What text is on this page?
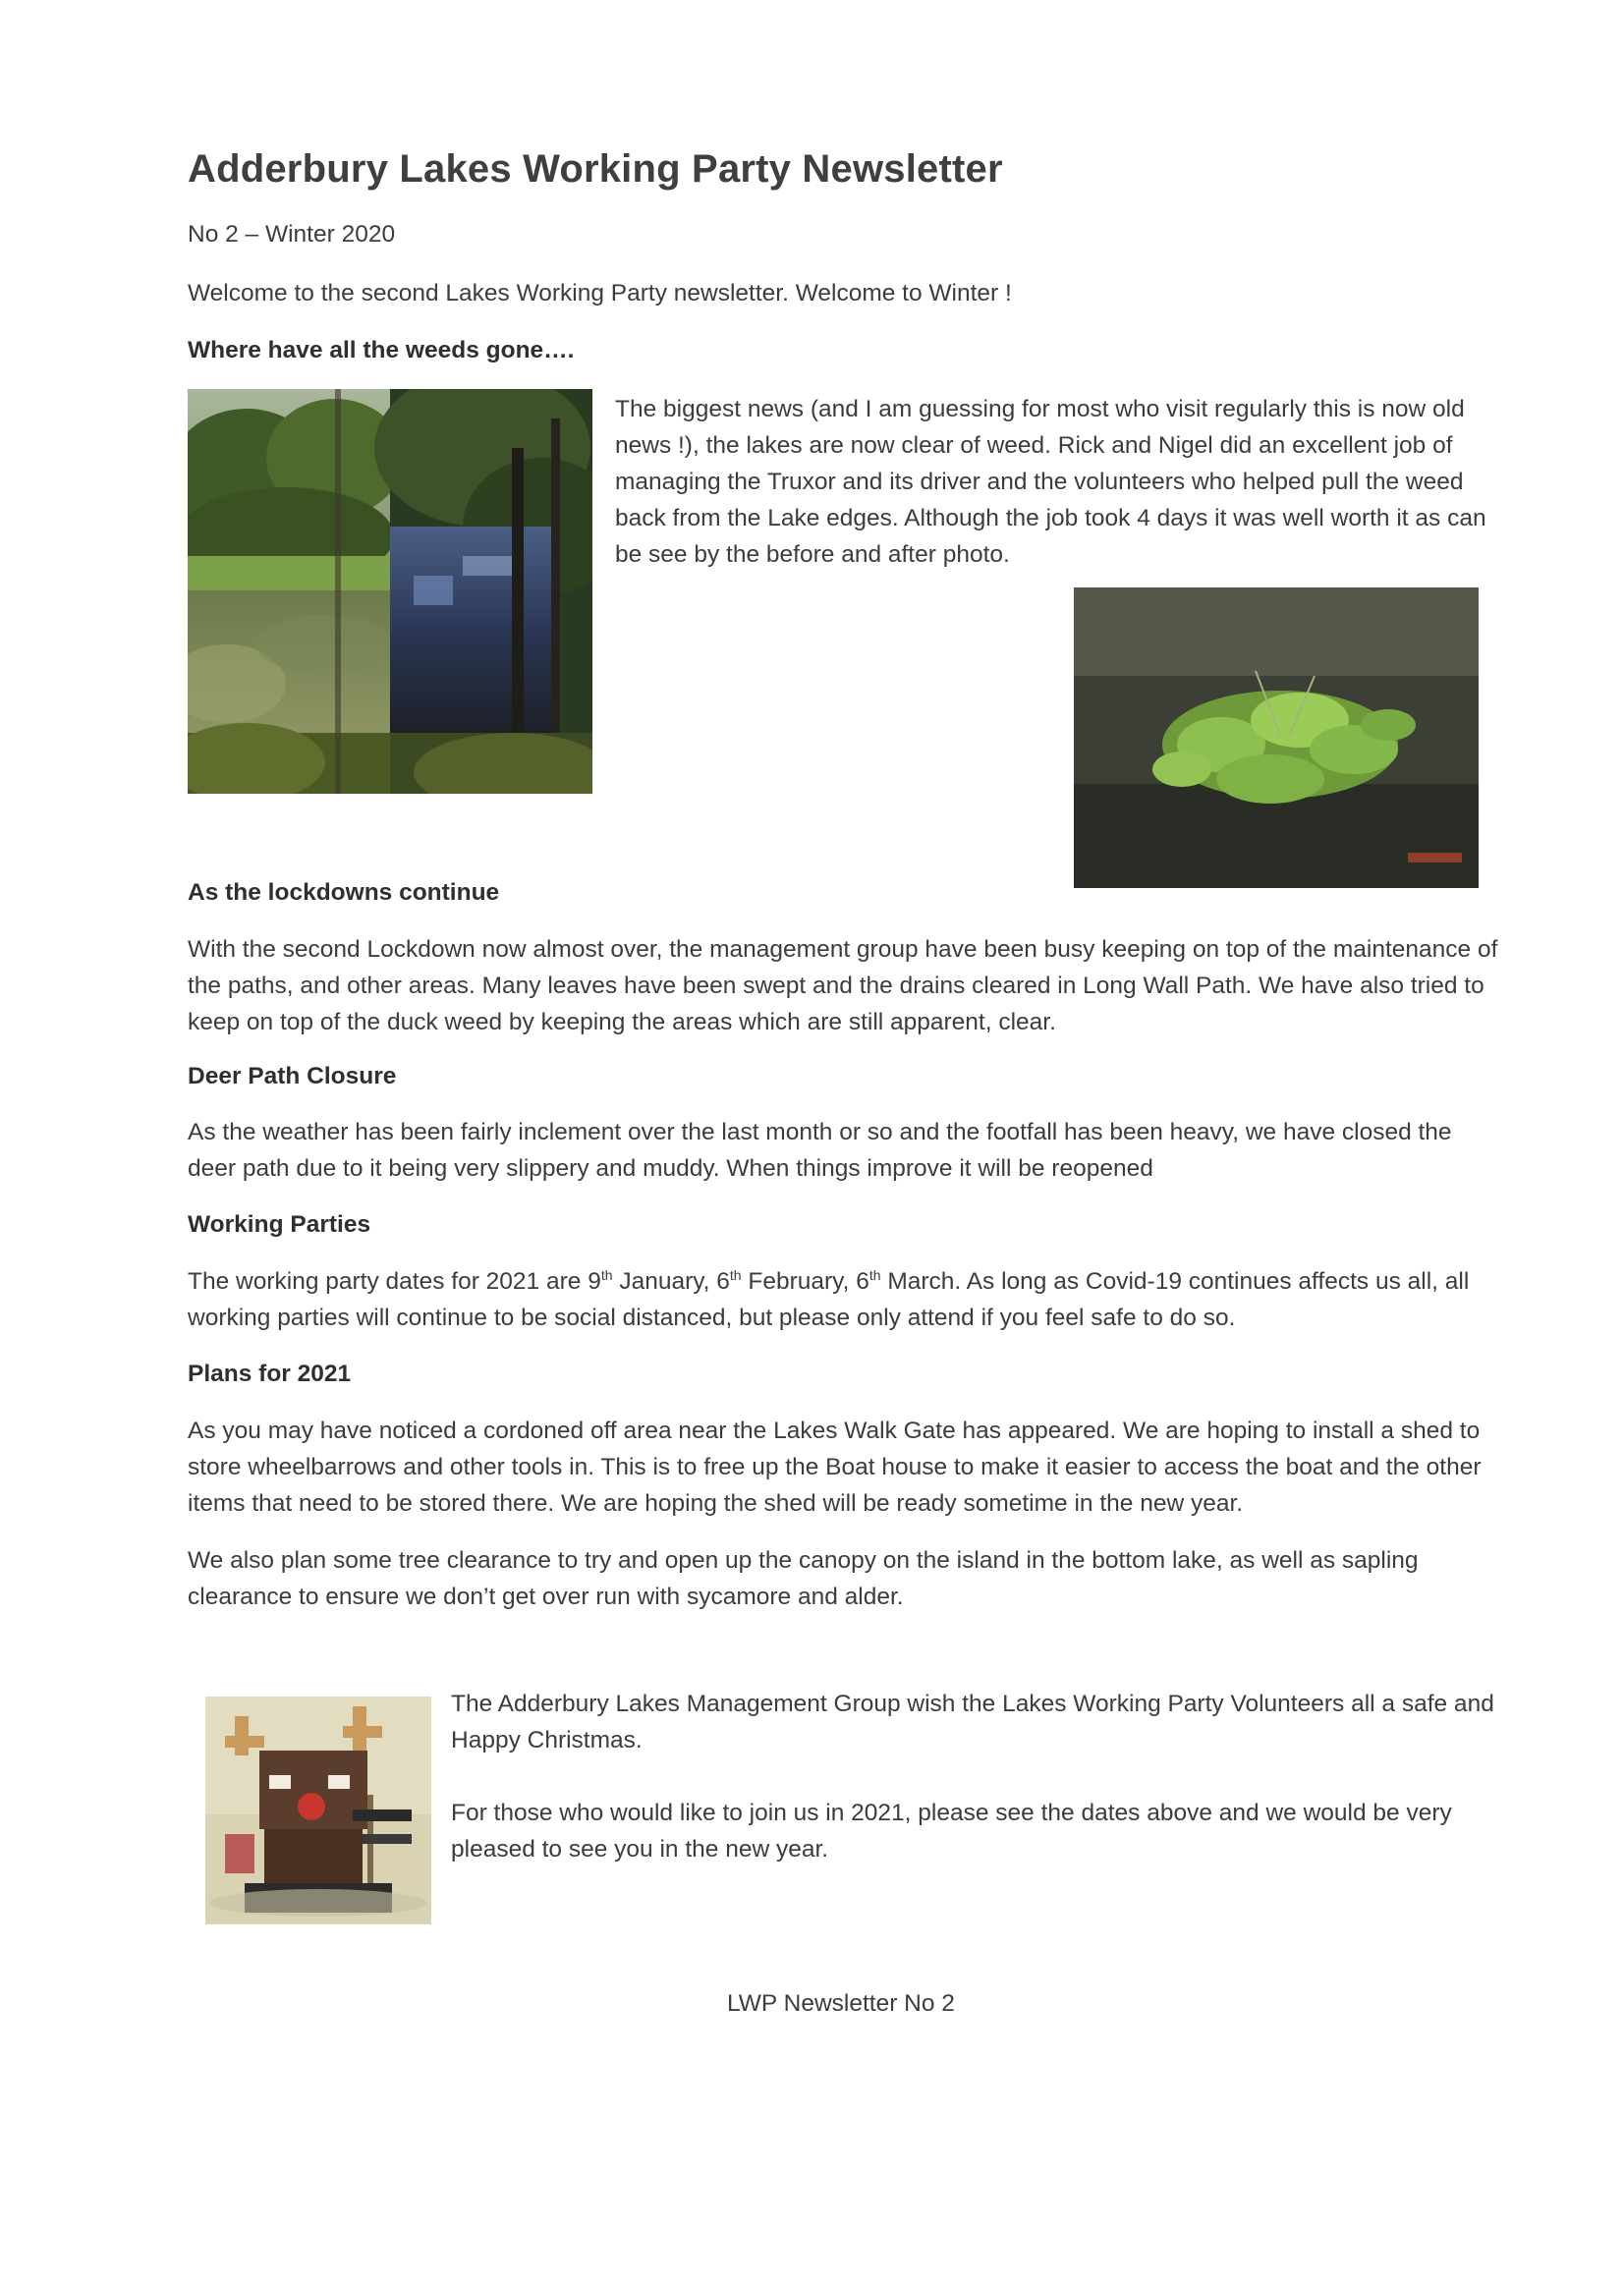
Adderbury Lakes Working Party Newsletter
No 2 – Winter 2020
Welcome to the second Lakes Working Party newsletter. Welcome to Winter !
Where have all the weeds gone….
The biggest news (and I am guessing for most who visit regularly this is now old news !), the lakes are now clear of weed. Rick and Nigel did an excellent job of managing the Truxor and its driver and the volunteers who helped pull the weed back from the Lake edges. Although the job took 4 days it was well worth it as can be see by the before and after photo.
As the lockdowns continue
With the second Lockdown now almost over, the management group have been busy keeping on top of the maintenance of the paths, and other areas. Many leaves have been swept and the drains cleared in Long Wall Path. We have also tried to keep on top of the duck weed by keeping the areas which are still apparent, clear.
Deer Path Closure
As the weather has been fairly inclement over the last month or so and the footfall has been heavy, we have closed the deer path due to it being very slippery and muddy. When things improve it will be reopened
Working Parties
The working party dates for 2021 are 9th January, 6th February, 6th March. As long as Covid-19 continues affects us all, all working parties will continue to be social distanced, but please only attend if you feel safe to do so.
Plans for 2021
As you may have noticed a cordoned off area near the Lakes Walk Gate has appeared. We are hoping to install a shed to store wheelbarrows and other tools in. This is to free up the Boat house to make it easier to access the boat and the other items that need to be stored there. We are hoping the shed will be ready sometime in the new year.
We also plan some tree clearance to try and open up the canopy on the island in the bottom lake, as well as sapling clearance to ensure we don’t get over run with sycamore and alder.
The Adderbury Lakes Management Group wish the Lakes Working Party Volunteers all a safe and Happy Christmas.
For those who would like to join us in 2021, please see the dates above and we would be very pleased to see you in the new year.
LWP Newsletter No 2
